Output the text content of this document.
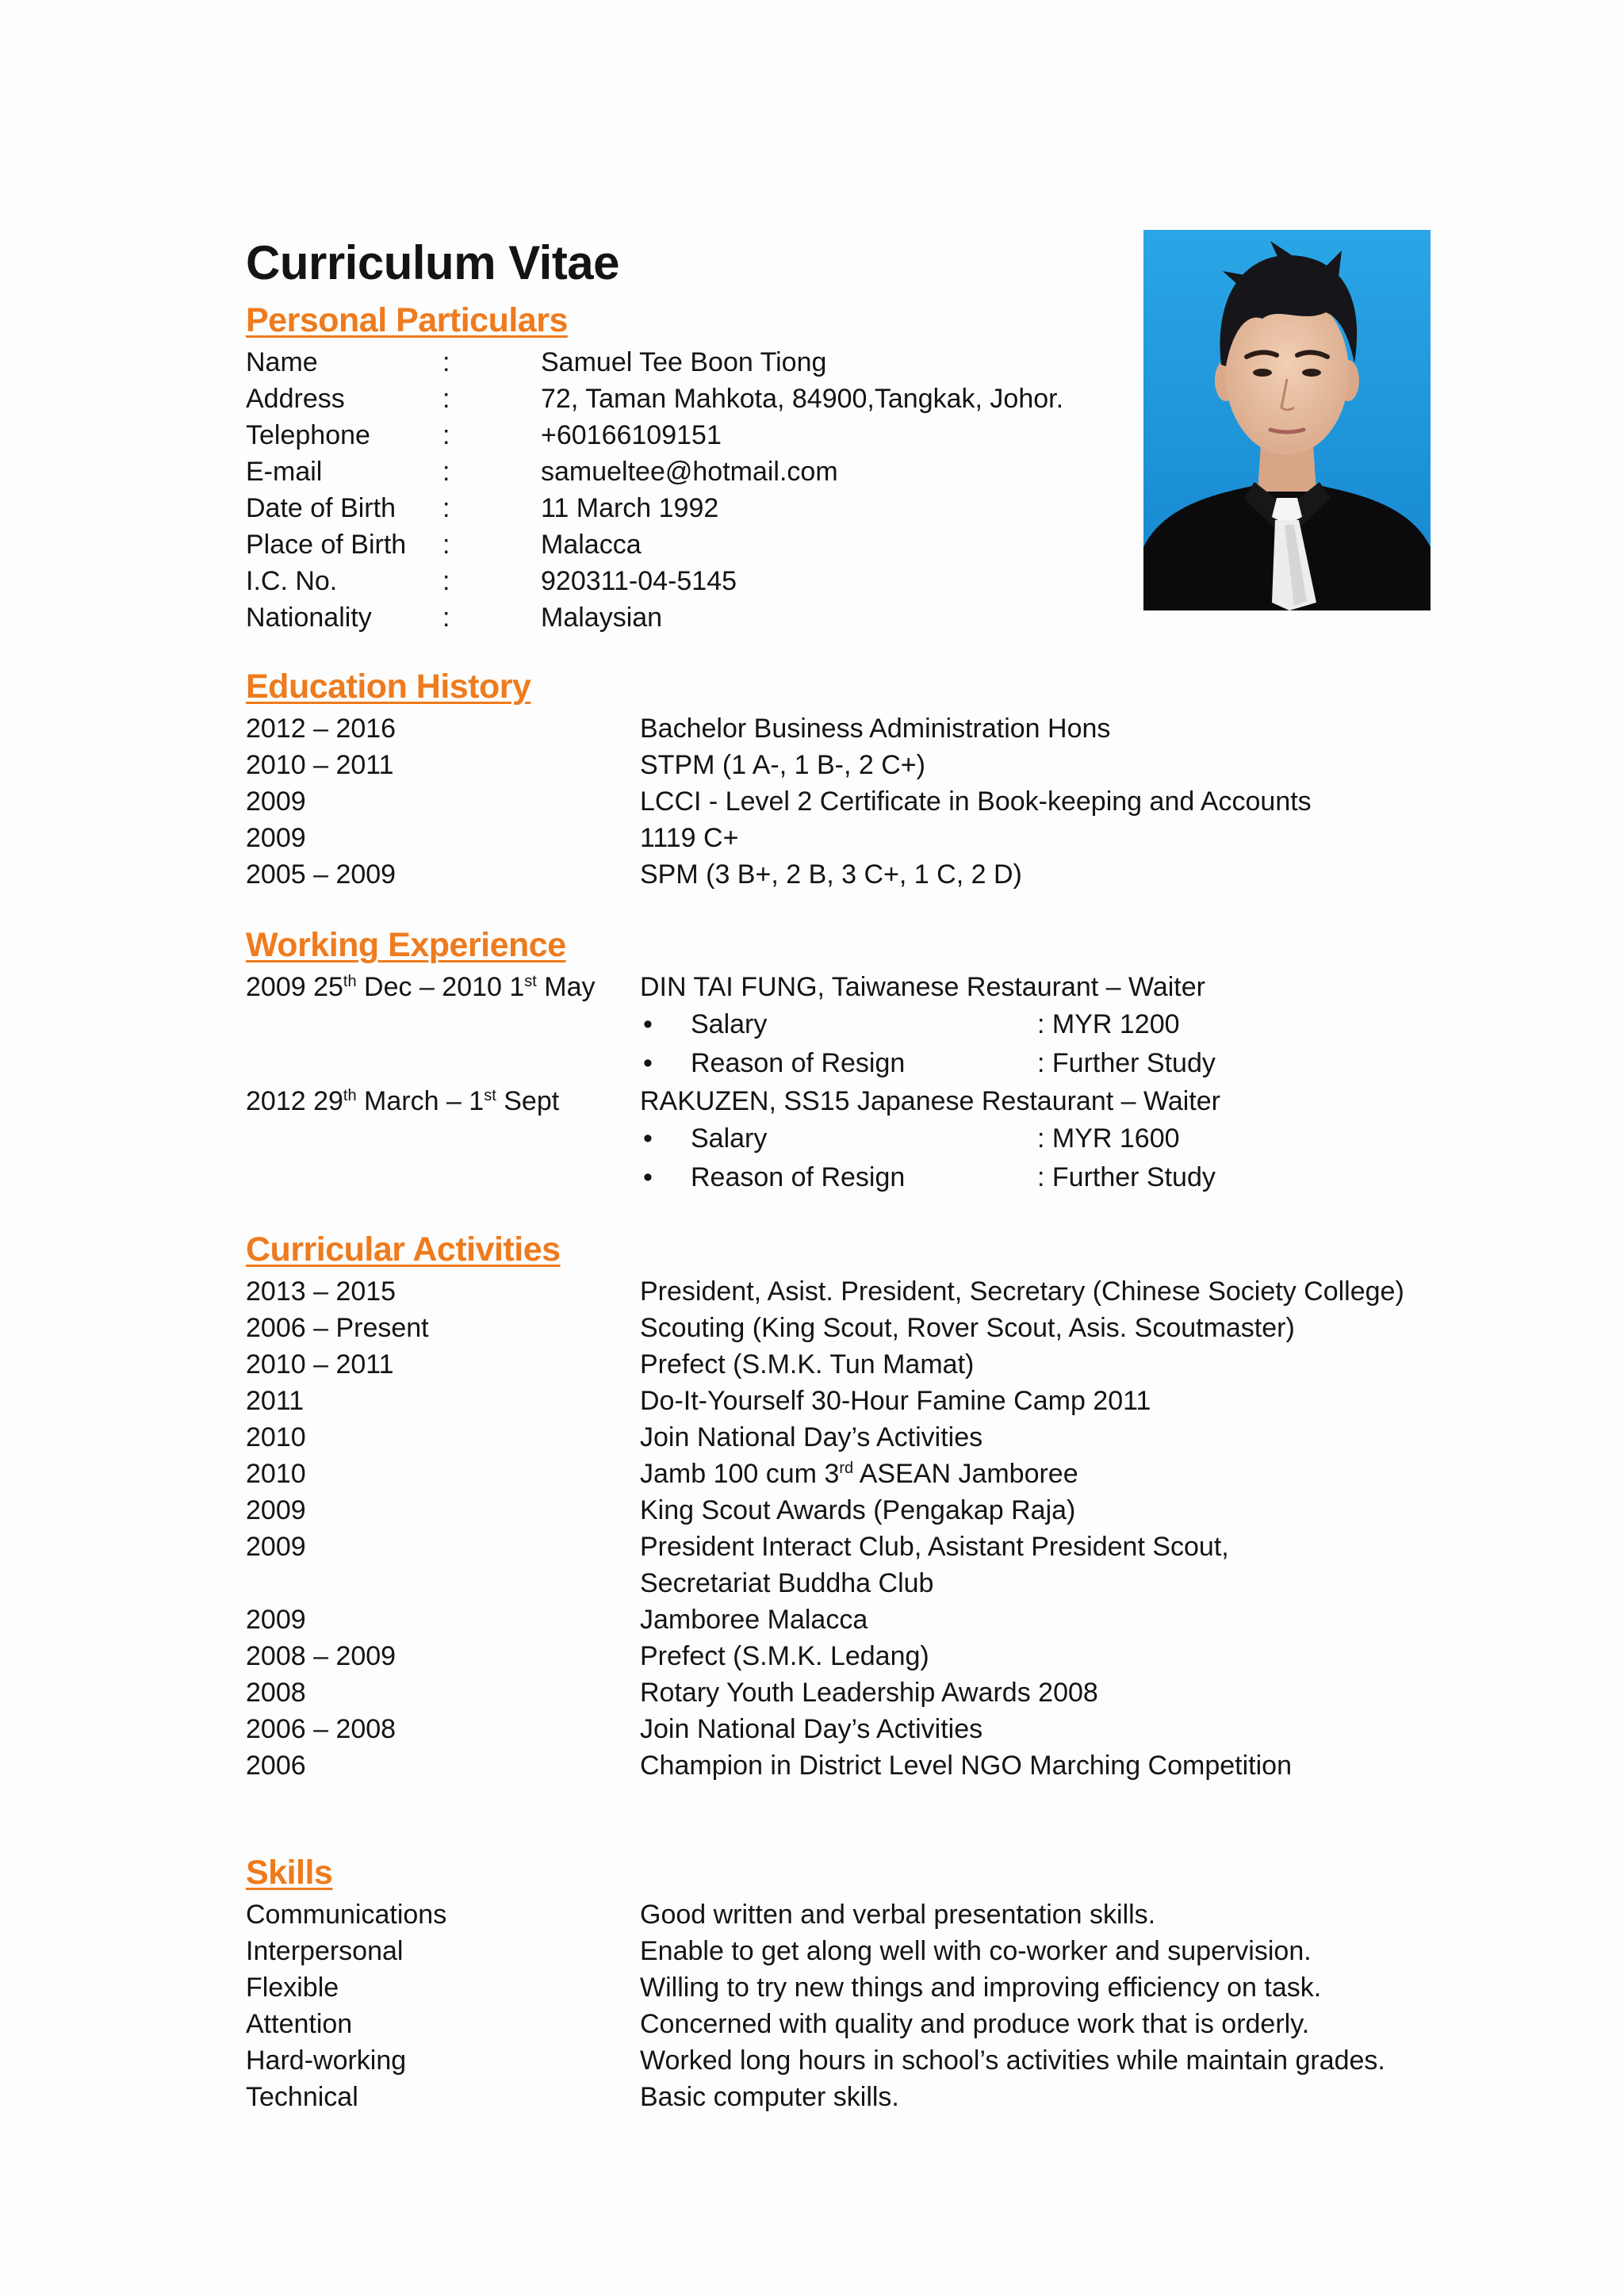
Curriculum Vitae
Personal Particulars
Name	:	Samuel Tee Boon Tiong
Address	:	72, Taman Mahkota, 84900,Tangkak, Johor.
Telephone	:	+60166109151
E-mail	:	samueltee@hotmail.com
Date of Birth	:	11 March 1992
Place of Birth	:	Malacca
I.C. No.	:	920311-04-5145
Nationality	:	Malaysian
Education History
2012 – 2016	Bachelor Business Administration Hons
2010 – 2011	STPM (1 A-, 1 B-, 2 C+)
2009	LCCI - Level 2 Certificate in Book-keeping and Accounts
2009	1119 C+
2005 – 2009	SPM (3 B+, 2 B, 3 C+, 1 C, 2 D)
Working Experience
2009 25th Dec – 2010 1st May	DIN TAI FUNG, Taiwanese Restaurant – Waiter
•	Salary	: MYR 1200
•	Reason of Resign	: Further Study
2012 29th March – 1st Sept	RAKUZEN, SS15 Japanese Restaurant – Waiter
•	Salary	: MYR 1600
•	Reason of Resign	: Further Study
Curricular Activities
2013 – 2015	President, Asist. President, Secretary (Chinese Society College)
2006 – Present	Scouting (King Scout, Rover Scout, Asis. Scoutmaster)
2010 – 2011	Prefect (S.M.K. Tun Mamat)
2011	Do-It-Yourself 30-Hour Famine Camp 2011
2010	Join National Day’s Activities
2010	Jamb 100 cum 3rd ASEAN Jamboree
2009	King Scout Awards (Pengakap Raja)
2009	President Interact Club, Asistant President Scout,
Secretariat Buddha Club
2009	Jamboree Malacca
2008 – 2009	Prefect (S.M.K. Ledang)
2008	Rotary Youth Leadership Awards 2008
2006 – 2008	Join National Day’s Activities
2006	Champion in District Level NGO Marching Competition
Skills
Communications	Good written and verbal presentation skills.
Interpersonal	Enable to get along well with co-worker and supervision.
Flexible	Willing to try new things and improving efficiency on task.
Attention	Concerned with quality and produce work that is orderly.
Hard-working	Worked long hours in school’s activities while maintain grades.
Technical	Basic computer skills.
